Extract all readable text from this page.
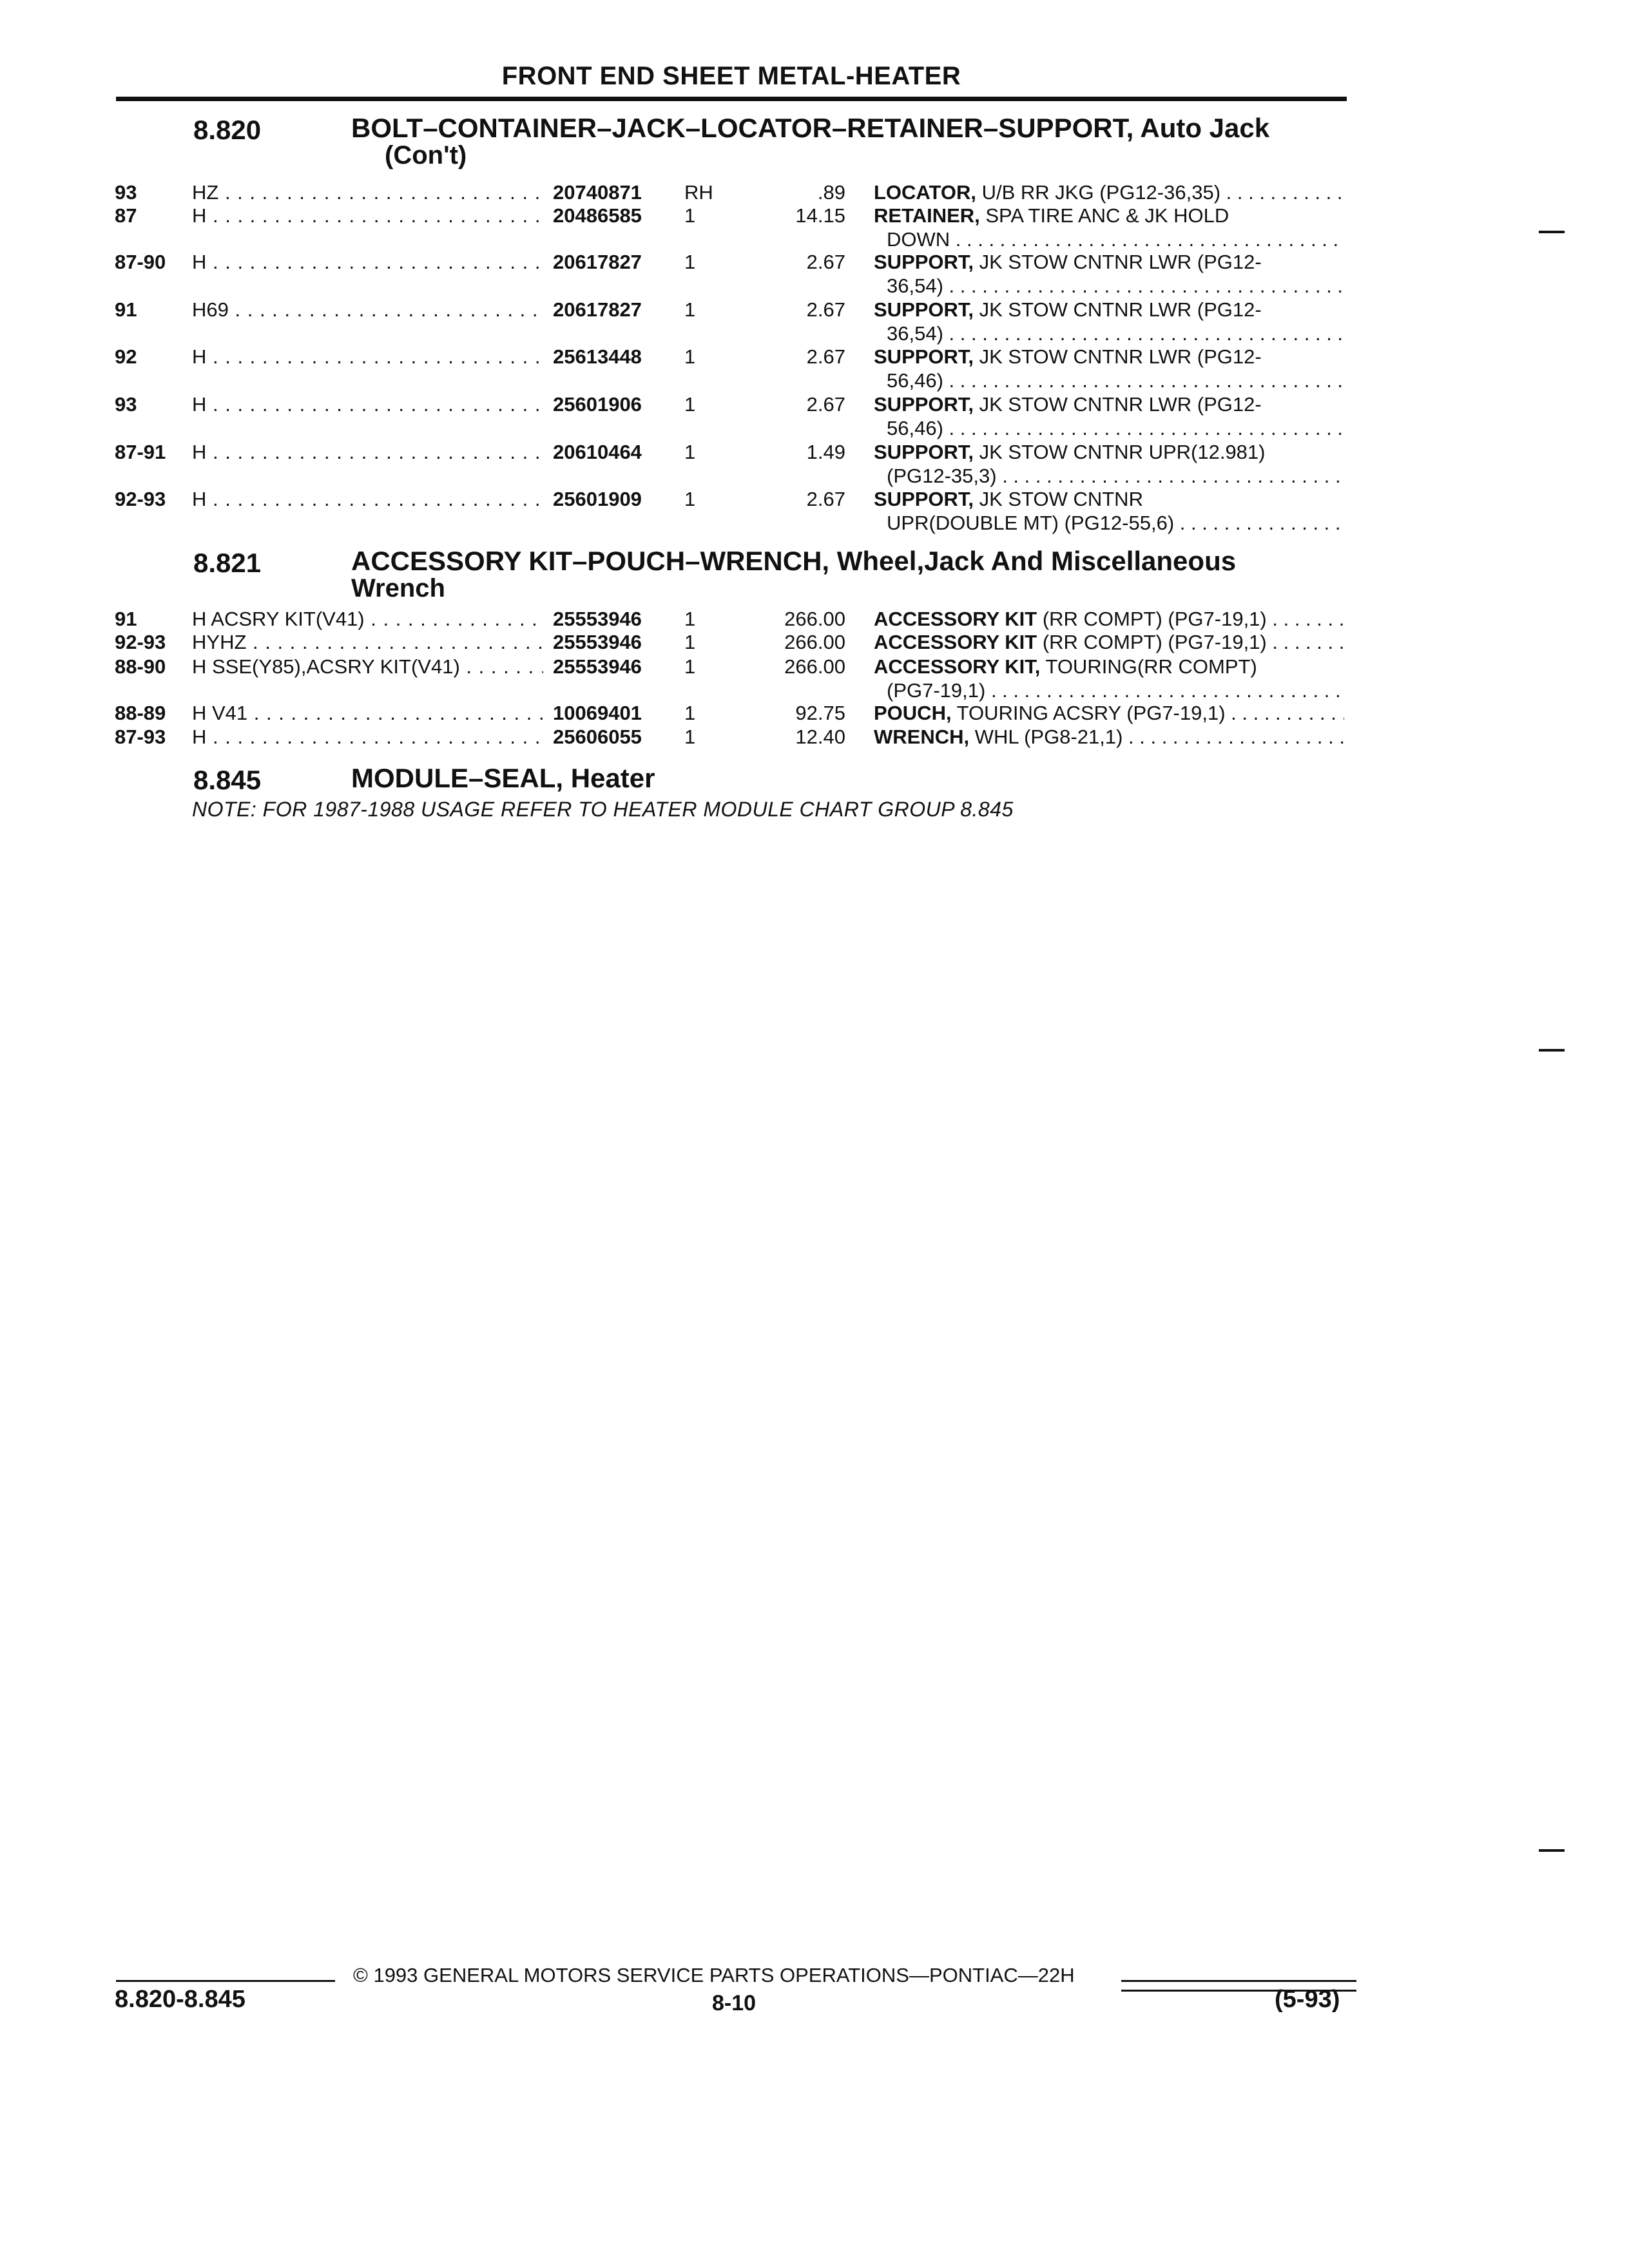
FRONT END SHEET METAL-HEATER
8.820	BOLT–CONTAINER–JACK–LOCATOR–RETAINER–SUPPORT, Auto Jack
(Con't)
93	HZ . . .	20740871 RH	.89 LOCATOR, U/B RR JKG (PG12-36,35) . . .
87	H . . .	20486585 1	14.15 RETAINER, SPA TIRE ANC & JK HOLD
DOWN . . .
87-90 H . . .	20617827 1	2.67 SUPPORT, JK STOW CNTNR LWR (PG12-
36,54) . . .
91	H69 . . .	20617827 1	2.67 SUPPORT, JK STOW CNTNR LWR (PG12-
36,54) . . .
92	H . . .	25613448 1	2.67 SUPPORT, JK STOW CNTNR LWR (PG12-
56,46) . . .
93	H . . .	25601906 1	2.67 SUPPORT, JK STOW CNTNR LWR (PG12-
56,46) . . .
87-91 H . . .	20610464 1	1.49 SUPPORT, JK STOW CNTNR UPR(12.981)
(PG12-35,3) . . .
92-93 H . . .	25601909 1	2.67 SUPPORT, JK STOW CNTNR
UPR(DOUBLE MT) (PG12-55,6) . . .
8.821	ACCESSORY KIT–POUCH–WRENCH, Wheel,Jack And Miscellaneous
Wrench
91	H ACSRY KIT(V41) . . .	25553946 1	266.00 ACCESSORY KIT (RR COMPT) (PG7-19,1) . . .
92-93 HYHZ . . .	25553946 1	266.00 ACCESSORY KIT (RR COMPT) (PG7-19,1) . . .
88-90 H SSE(Y85),ACSRY KIT(V41) . . .	25553946 1	266.00 ACCESSORY KIT, TOURING(RR COMPT)
(PG7-19,1) . . .
88-89 H V41 . . .	10069401 1	92.75 POUCH, TOURING ACSRY (PG7-19,1) . . .
87-93 H . . .	25606055 1	12.40 WRENCH, WHL (PG8-21,1) . . .
8.845	MODULE–SEAL, Heater
NOTE: FOR 1987-1988 USAGE REFER TO HEATER MODULE CHART GROUP 8.845
© 1993 GENERAL MOTORS SERVICE PARTS OPERATIONS—PONTIAC—22H
8.820-8.845	8-10	(5-93)
